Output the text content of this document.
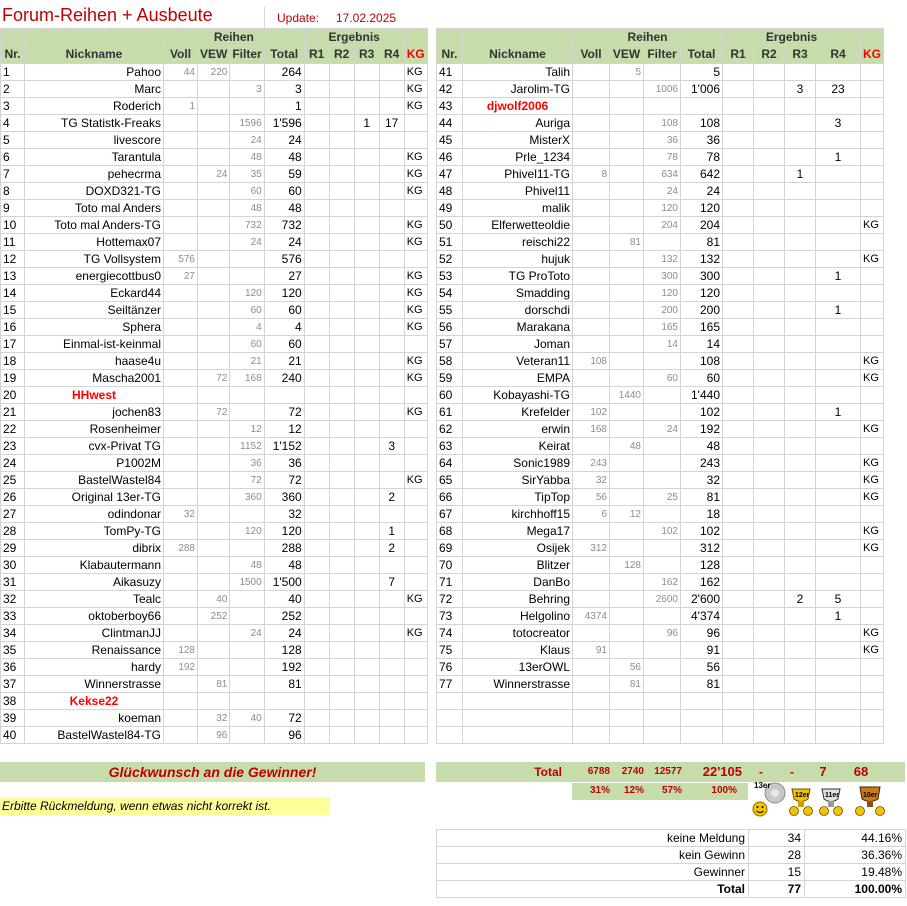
Forum-Reihen + Ausbeute	Update: 17.02.2025
		Reihen				Ergebnis				
Nr.	Nickname	Voll	VEW	Filter	Total	R1	R2	R3	R4	KG
1	Pahoo	44	220		264					KG
2	Marc			3	3					KG
3	Roderich	1			1					KG
4	TG Statistk-Freaks			1596	1'596			1	17	
5	livescore			24	24					
6	Tarantula			48	48					KG
7	pehecrma		24	35	59					KG
8	DOXD321-TG			60	60					KG
9	Toto mal Anders			48	48					
10	Toto mal Anders-TG			732	732					KG
11	Hottemax07			24	24					KG
12	TG Vollsystem	576			576					
13	energiecottbus0	27			27					KG
14	Eckard44			120	120					KG
15	Seiltänzer			60	60					KG
16	Sphera			4	4					KG
17	Einmal-ist-keinmal			60	60					
18	haase4u			21	21					KG
19	Mascha2001		72	168	240					KG
20	HHwest									
21	jochen83		72		72					KG
22	Rosenheimer			12	12					
23	cvx-Privat TG			1152	1'152				3	
24	P1002M			36	36					
25	BastelWastel84			72	72					KG
26	Original 13er-TG			360	360				2	
27	odindonar	32			32					
28	TomPy-TG			120	120				1	
29	dibrix	288			288				2	
30	Klabautermann			48	48					
31	Aikasuzy			1500	1'500				7	
32	Tealc		40		40					KG
33	oktoberboy66		252		252					
34	ClintmanJJ			24	24					KG
35	Renaissance	128			128					
36	hardy	192			192					
37	Winnerstrasse		81		81					
38	Kekse22									
39	koeman		32	40	72					
40	BastelWastel84-TG		96		96					
		Reihen				Ergebnis				
Nr.	Nickname	Voll	VEW	Filter	Total	R1	R2	R3	R4	KG
41	Talih		5		5					
42	Jarolim-TG			1006	1'006			3	23	
43	djwolf2006									
44	Auriga			108	108				3	
45	MisterX			36	36					
46	Prle_1234			78	78				1	
47	Phivel11-TG	8		634	642			1		
48	Phivel11			24	24					
49	malik			120	120					
50	Elferwetteoldie			204	204					KG
51	reischi22		81		81					
52	hujuk			132	132					KG
53	TG ProToto			300	300				1	
54	Smadding			120	120					
55	dorschdi			200	200				1	
56	Marakana			165	165					
57	Joman			14	14					
58	Veteran11	108			108					KG
59	EMPA			60	60					KG
60	Kobayashi-TG		1440		1'440					
61	Krefelder	102			102				1	
62	erwin	168		24	192					KG
63	Keirat		48		48					
64	Sonic1989	243			243					KG
65	SirYabba	32			32					KG
66	TipTop	56		25	81					KG
67	kirchhoff15	6	12		18					
68	Mega17			102	102					KG
69	Osijek	312			312					KG
70	Blitzer		128		128					
71	DanBo			162	162					
72	Behring			2600	2'600			2	5	
73	Helgolino	4374			4'374				1	
74	totocreator			96	96					KG
75	Klaus	91			91					KG
76	13erOWL		56		56					
77	Winnerstrasse		81		81					

Glückwunsch an die Gewinner!
Erbitte Rückmeldung, wenn etwas nicht korrekt ist.
Total	6788	2740	12577	22'105	-	-	7	68
31%	12%	57%	100% 13er
12er 11er	10er
keine Meldung	34	44.16%
kein Gewinn	28	36.36%
Gewinner	15	19.48%
Total	77	100.00%
